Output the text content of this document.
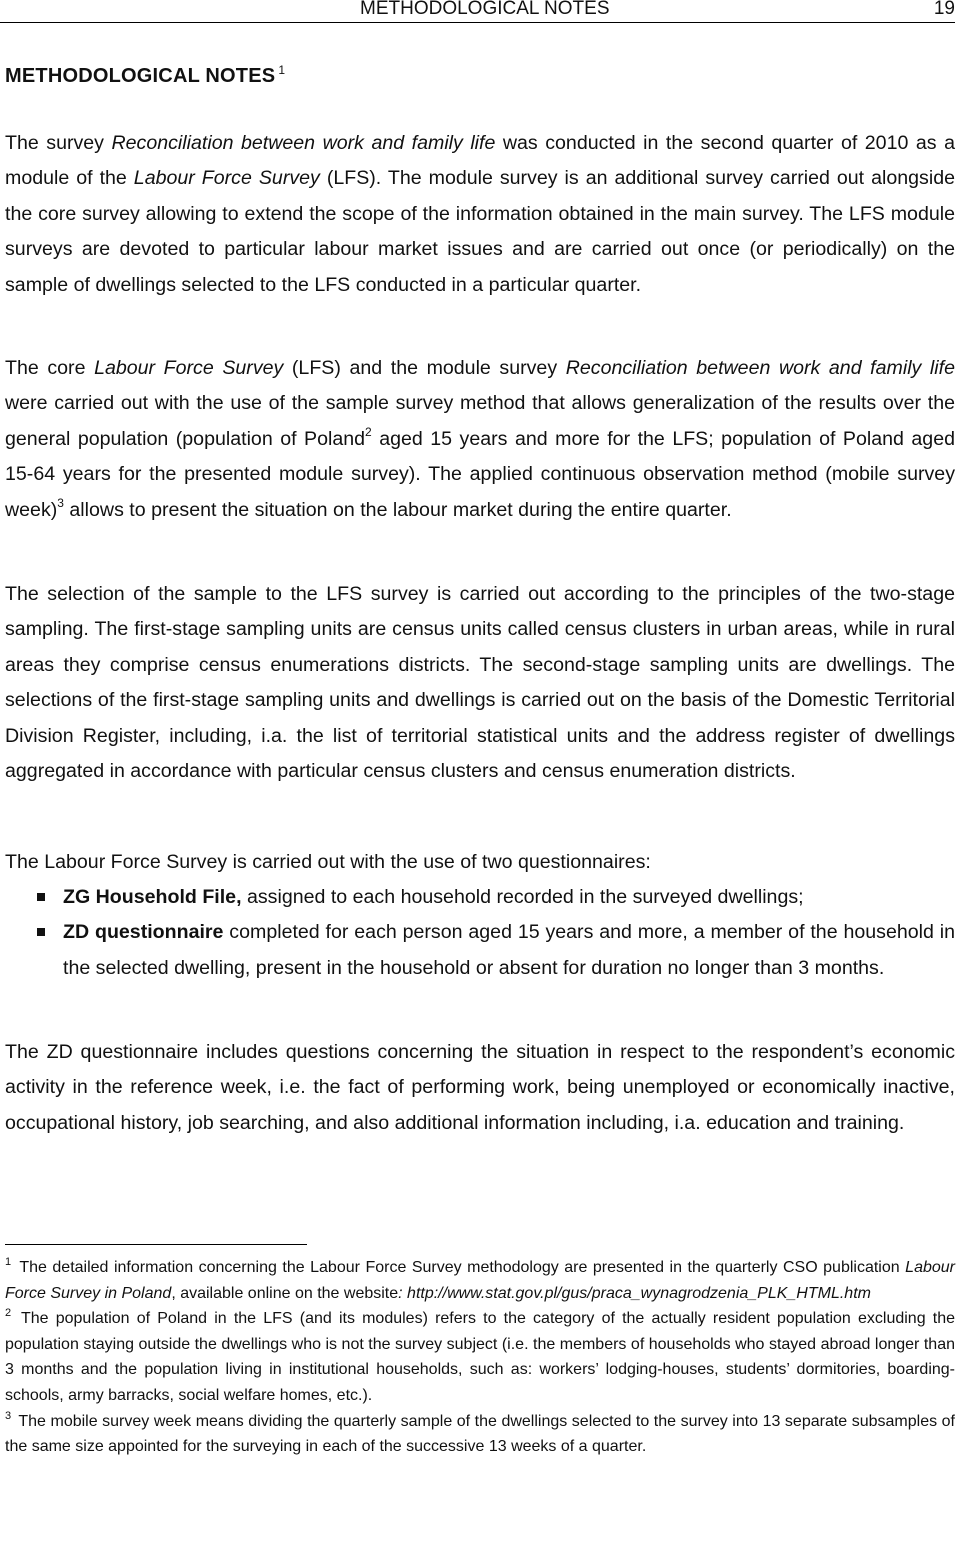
METHODOLOGICAL NOTES	19
METHODOLOGICAL NOTES $^1$

The survey Reconciliation between work and family life was conducted in the second quarter of 2010 as a module of the Labour Force Survey (LFS). The module survey is an additional survey carried out alongside the core survey allowing to extend the scope of the information obtained in the main survey. The LFS module surveys are devoted to particular labour market issues and are carried out once (or periodically) on the sample of dwellings selected to the LFS conducted in a particular quarter.

The core Labour Force Survey (LFS) and the module survey Reconciliation between work and family life were carried out with the use of the sample survey method that allows generalization of the results over the general population (population of Poland$^2$ aged 15 years and more for the LFS; population of Poland aged 15-64 years for the presented module survey). The applied continuous observation method (mobile survey week)$^3$ allows to present the situation on the labour market during the entire quarter.

The selection of the sample to the LFS survey is carried out according to the principles of the two-stage sampling. The first-stage sampling units are census units called census clusters in urban areas, while in rural areas they comprise census enumerations districts. The second-stage sampling units are dwellings. The selections of the first-stage sampling units and dwellings is carried out on the basis of the Domestic Territorial Division Register, including, i.a. the list of territorial statistical units and the address register of dwellings aggregated in accordance with particular census clusters and census enumeration districts.

The Labour Force Survey is carried out with the use of two questionnaires:

ZG Household File, assigned to each household recorded in the surveyed dwellings;
ZD questionnaire completed for each person aged 15 years and more, a member of the household in the selected dwelling, present in the household or absent for duration no longer than 3 months.

The ZD questionnaire includes questions concerning the situation in respect to the respondent’s economic activity in the reference week, i.e. the fact of performing work, being unemployed or economically inactive, occupational history, job searching, and also additional information including, i.a. education and training.

$^1$ The detailed information concerning the Labour Force Survey methodology are presented in the quarterly CSO publication Labour Force Survey in Poland, available online on the website: http://www.stat.gov.pl/gus/praca_wynagrodzenia_PLK_HTML.htm

$^2$ The population of Poland in the LFS (and its modules) refers to the category of the actually resident population excluding the population staying outside the dwellings who is not the survey subject (i.e. the members of households who stayed abroad longer than 3 months and the population living in institutional households, such as: workers’ lodging-houses, students’ dormitories, boarding-schools, army barracks, social welfare homes, etc.).

$^3$ The mobile survey week means dividing the quarterly sample of the dwellings selected to the survey into 13 separate subsamples of the same size appointed for the surveying in each of the successive 13 weeks of a quarter.
